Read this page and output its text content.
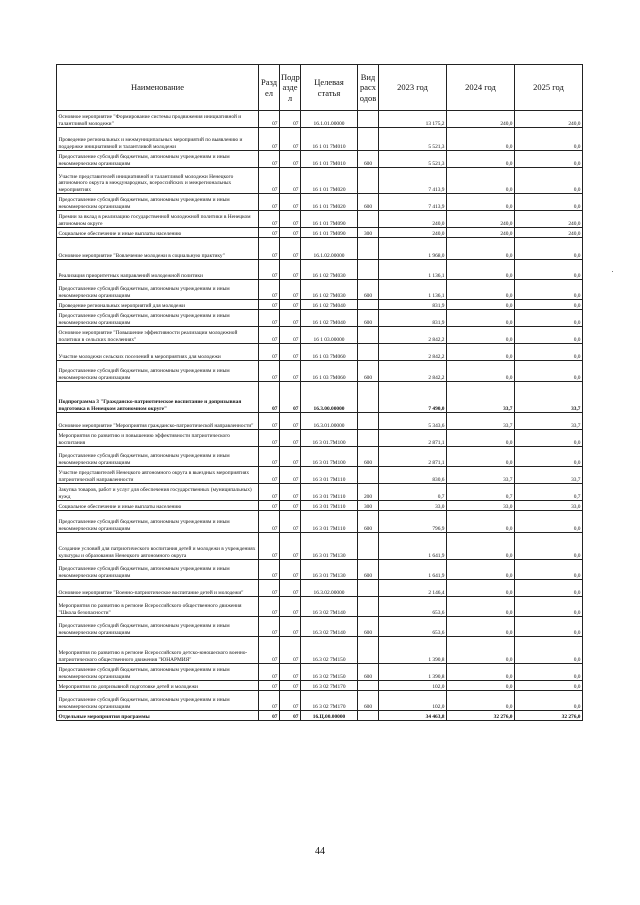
Наименование	Разд ел	Подр азде л	Целевая статья	Вид расх одов	2023 год	2024 год	2025 год
Основное мероприятие "Формирование системы продвижения инициативной и талантливой молодежи"	07	07	16.1.01.00000		13 175,2	240,0	240,0
Проведение региональных и межмуниципальных мероприятий по выявлению и поддержке инициативной и талантливой молодежи	07	07	16 1 01 7М010		5 521,3	0,0	0,0
Предоставление субсидий бюджетным, автономным учреждениям и иным некоммерческим организациям	07	07	16 1 01 7М010	600	5 521,3	0,0	0,0
Участие представителей инициативной и талантливой молодежи Ненецкого автономного округа в международных, всероссийских и межрегиональных мероприятиях	07	07	16 1 01 7М020		7 413,9	0,0	0,0
Предоставление субсидий бюджетным, автономным учреждениям и иным некоммерческим организациям	07	07	16 1 01 7М020	600	7 413,9	0,0	0,0
Премии за вклад в реализацию государственной молодежной политики в Ненецком автономном округе	07	07	16 1 01 7М090		240,0	240,0	240,0
Социальное обеспечение и иные выплаты населению	07	07	16 1 01 7М090	300	240,0	240,0	240,0
Основное мероприятие "Вовлечение молодежи в социальную практику"	07	07	16.1.02.00000		1 968,0	0,0	0,0
Реализация приоритетных направлений молодежной политики	07	07	16 1 02 7М030		1 136,1	0,0	0,0
Предоставление субсидий бюджетным, автономным учреждениям и иным некоммерческим организациям	07	07	16 1 02 7М030	600	1 136,1	0,0	0,0
Проведение региональных мероприятий для молодежи	07	07	16 1 02 7М040		831,9	0,0	0,0
Предоставление субсидий бюджетным, автономным учреждениям и иным некоммерческим организациям	07	07	16 1 02 7М040	600	831,9	0,0	0,0
Основное мероприятие "Повышение эффективности реализации молодежной политики в сельских поселениях"	07	07	16 1 03.00000		2 842,2	0,0	0,0
Участие молодежи сельских поселений в мероприятиях для молодежи	07	07	16 1 03 7М060		2 842,2	0,0	0,0
Предоставление субсидий бюджетным, автономным учреждениям и иным некоммерческим организациям	07	07	16 1 03 7М060	600	2 842,2	0,0	0,0
Подпрограмма 3 "Гражданско-патриотическое воспитание и допризывная подготовка в Ненецком автономном округе"	07	07	16.3.00.00000		7 490,0	33,7	33,7
Основное мероприятие "Мероприятия гражданско-патриотической направленности"	07	07	16.3.01.00000		5 343,6	33,7	33,7
Мероприятия по развитию и повышению эффективности патриотического воспитания	07	07	16 3 01.7М100		2 871,1	0,0	0,0
Предоставление субсидий бюджетным, автономным учреждениям и иным некоммерческим организациям	07	07	16 3 01 7М100	600	2 871,1	0,0	0,0
Участие представителей Ненецкого автономного округа в выездных мероприятиях патриотической направленности	07	07	16 3 01 7М110		830,6	33,7	33,7
Закупка товаров, работ и услуг для обеспечения государственных (муниципальных) нужд	07	07	16 3 01 7М110	200	0,7	0,7	0,7
Социальное обеспечение и иные выплаты населению	07	07	16 3 01 7М110	300	33,0	33,0	33,0
Предоставление субсидий бюджетным, автономным учреждениям и иным некоммерческим организациям	07	07	16 3 01 7М110	600	796,9	0,0	0,0
Создание условий для патриотического воспитания детей и молодежи в учреждениях культуры и образования Ненецкого автономного округа	07	07	16 3 01 7М130		1 641,9	0,0	0,0
Предоставление субсидий бюджетным, автономным учреждениям и иным некоммерческим организациям	07	07	16 3 01 7М130	600	1 641,9	0,0	0,0
Основное мероприятие "Военно-патриотическое воспитание детей и молодежи"	07	07	16.3.02.00000		2 146,4	0,0	0,0
Мероприятия по развитию в регионе Всероссийского общественного движения "Школа безопасности"	07	07	16 3 02 7М140		653,6	0,0	0,0
Предоставление субсидий бюджетным, автономным учреждениям и иным некоммерческим организациям	07	07	16.3 02 7М140	600	653,6	0,0	0,0
Мероприятия по развитию в регионе Всероссийского детско-юношеского военно-патриотического общественного движения "ЮНАРМИЯ"	07	07	16.3 02 7М150		1 390,8	0,0	0,0
Предоставление субсидий бюджетным, автономным учреждениям и иным некоммерческим организациям	07	07	16 3 02 7М150	600	1 390,8	0,0	0,0
Мероприятия по допризывной подготовке детей и молодежи	07	07	16 3 02 7М170		102,0	0,0	0,0
Предоставление субсидий бюджетным, автономным учреждениям и иным некоммерческим организациям	07	07	16 3 02 7М170	600	102,0	0,0	0,0
Отдельные мероприятия программы	07	07	16.Ц.00.00000		34 463,8	32 276,0	32 276,0
44
